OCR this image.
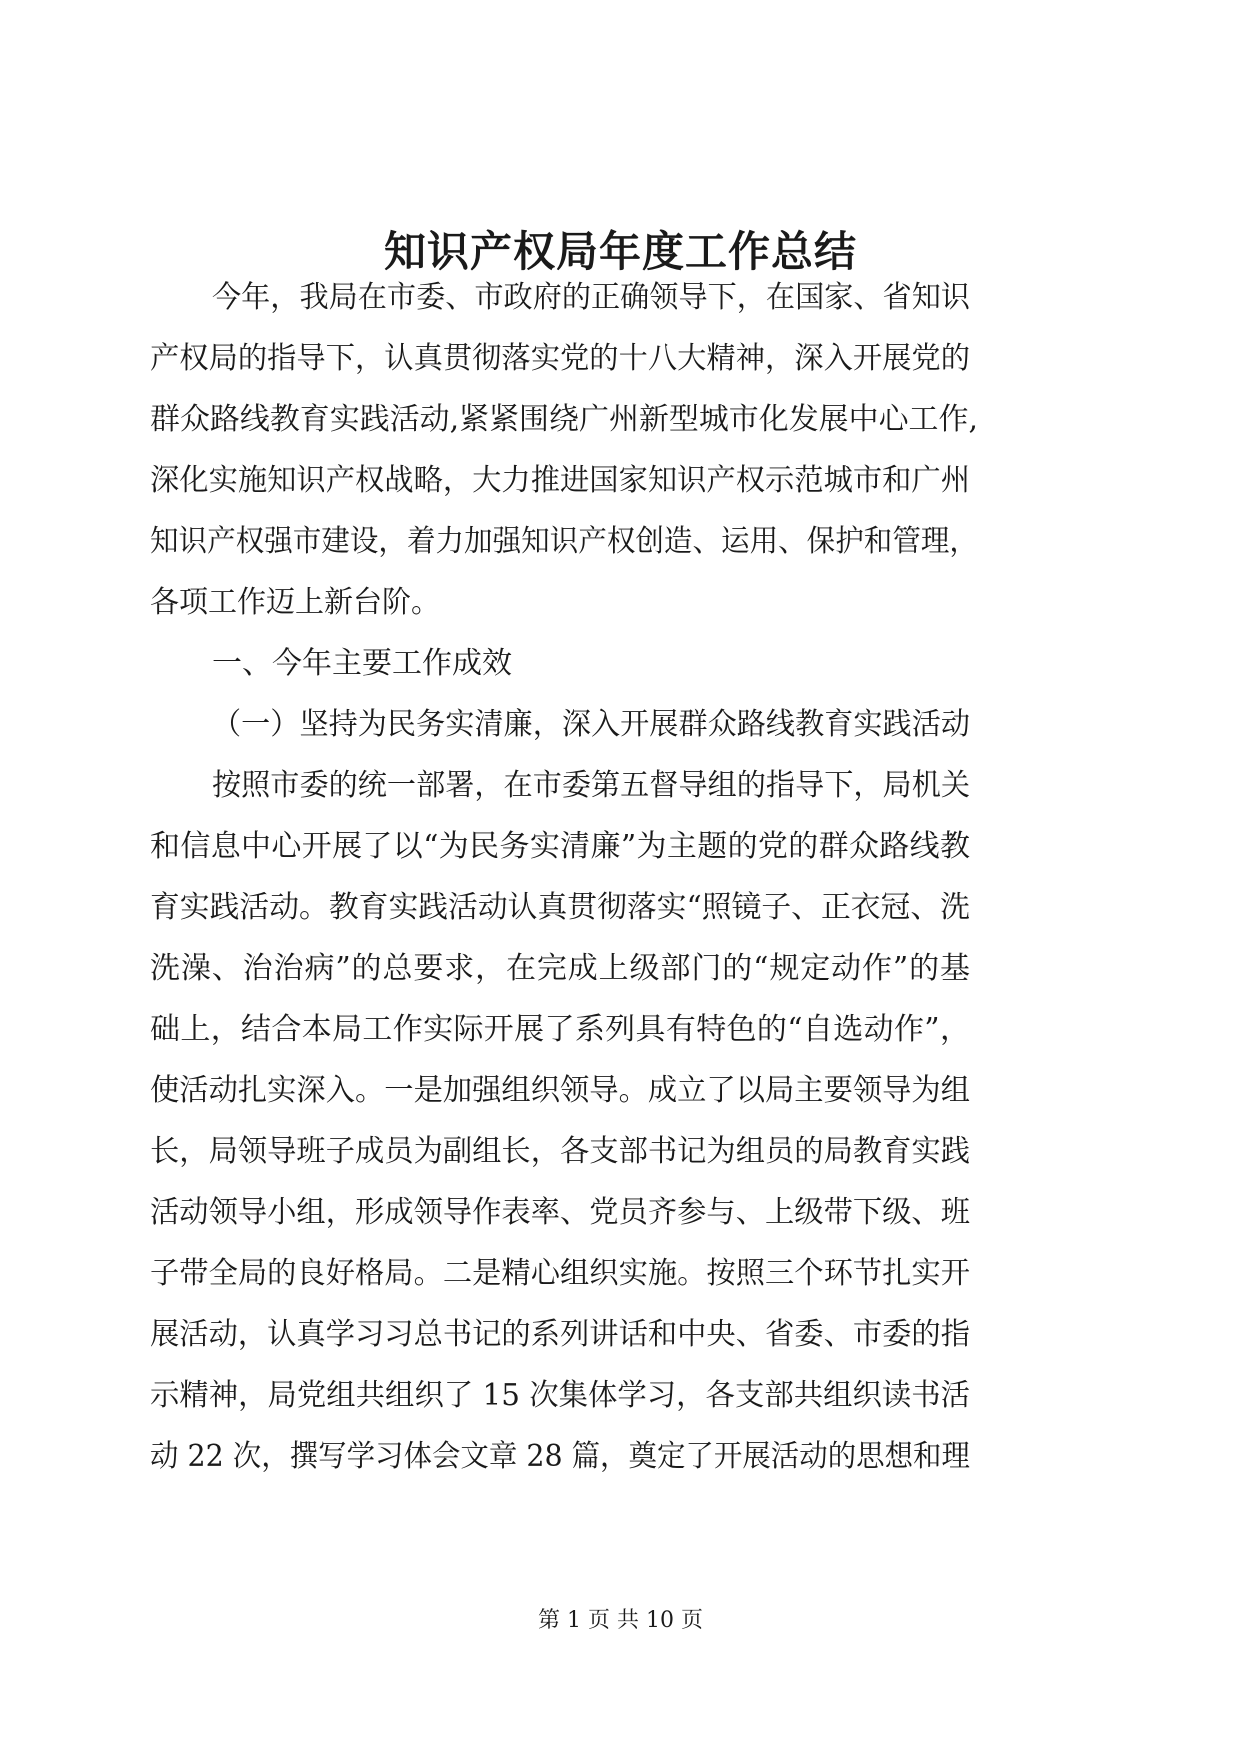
知识产权局年度工作总结
今年，我局在市委、市政府的正确领导下，在国家、省知识
产权局的指导下，认真贯彻落实党的十八大精神，深入开展党的
群众路线教育实践活动,紧紧围绕广州新型城市化发展中心工作,
深化实施知识产权战略，大力推进国家知识产权示范城市和广州
知识产权强市建设，着力加强知识产权创造、运用、保护和管理，
各项工作迈上新台阶。
一、今年主要工作成效
（一）坚持为民务实清廉，深入开展群众路线教育实践活动
按照市委的统一部署，在市委第五督导组的指导下，局机关
和信息中心开展了以“为民务实清廉”为主题的党的群众路线教
育实践活动。教育实践活动认真贯彻落实“照镜子、正衣冠、洗
洗澡、治治病”的总要求，在完成上级部门的“规定动作”的基
础上，结合本局工作实际开展了系列具有特色的“自选动作”，
使活动扎实深入。一是加强组织领导。成立了以局主要领导为组
长，局领导班子成员为副组长，各支部书记为组员的局教育实践
活动领导小组，形成领导作表率、党员齐参与、上级带下级、班
子带全局的良好格局。二是精心组织实施。按照三个环节扎实开
展活动，认真学习习总书记的系列讲话和中央、省委、市委的指
示精神，局党组共组织了 15 次集体学习，各支部共组织读书活
动 22 次，撰写学习体会文章 28 篇，奠定了开展活动的思想和理
第 1 页 共 10 页
